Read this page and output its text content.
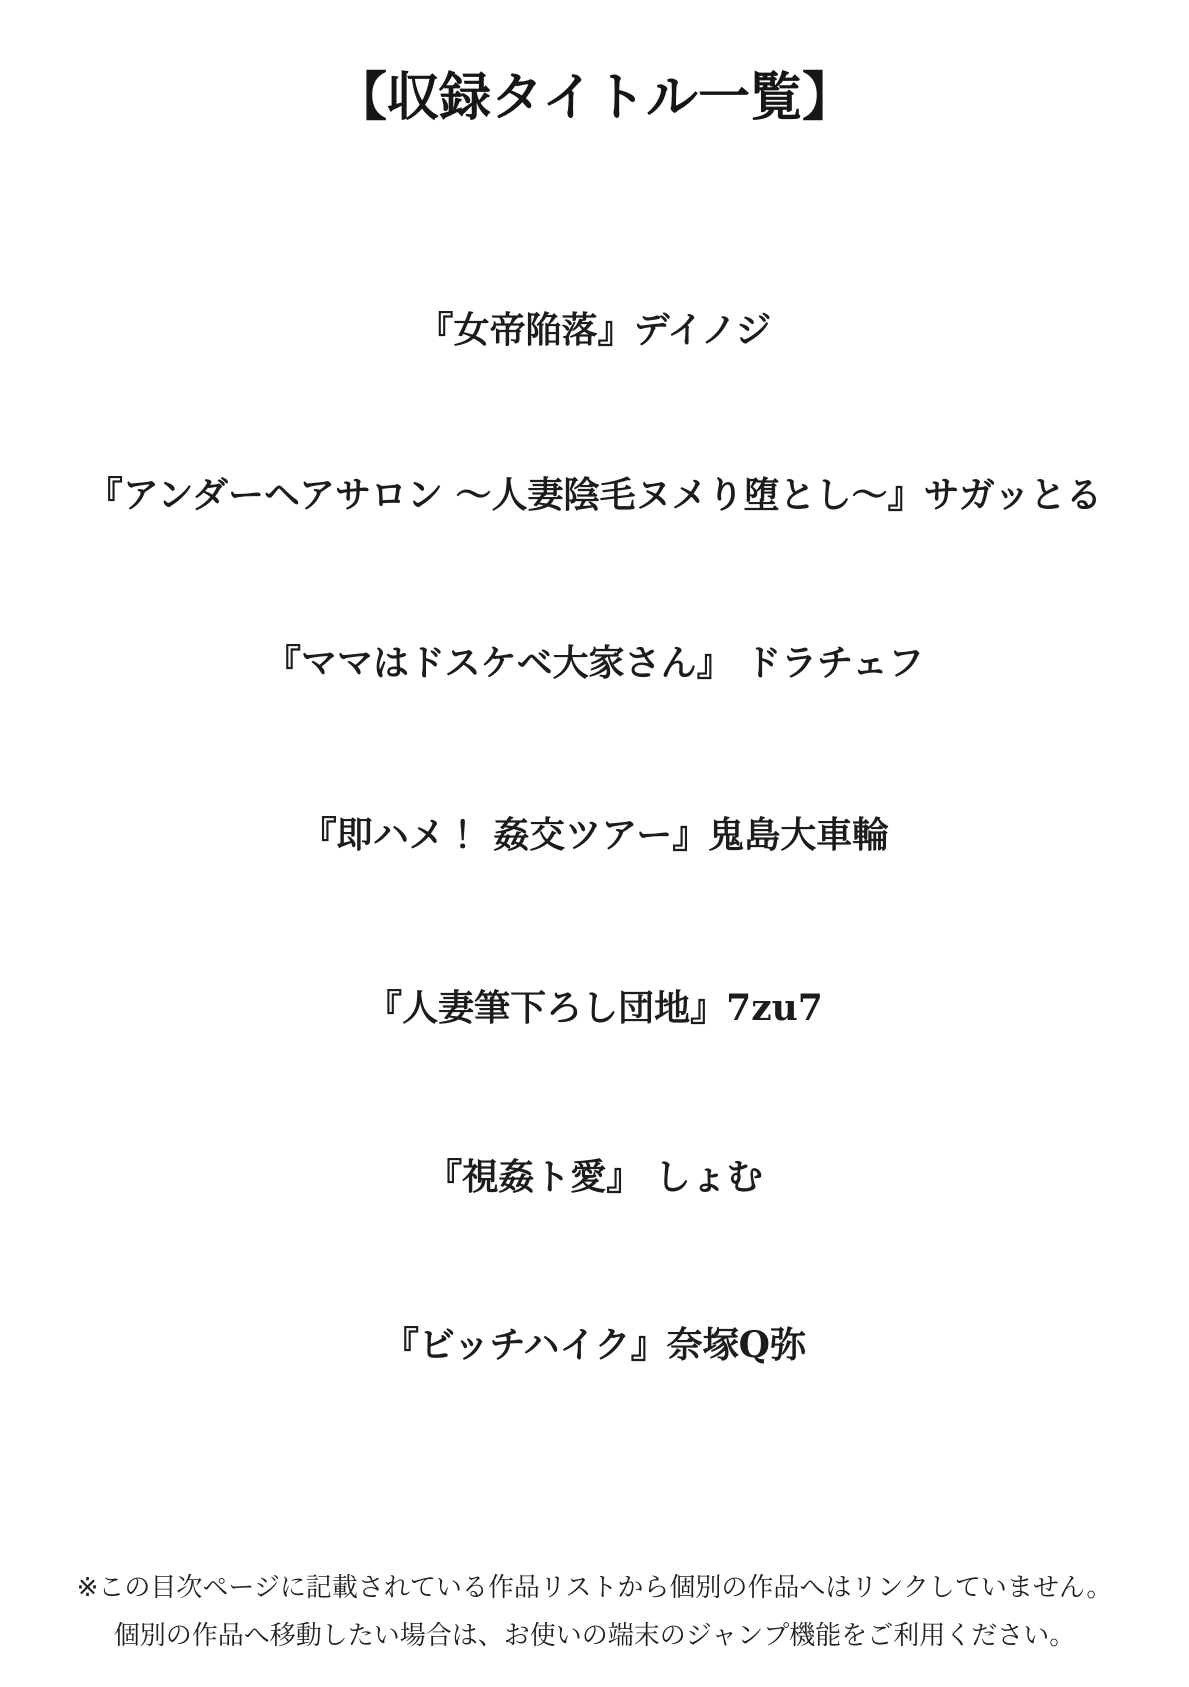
【収録タイトル一覧】
『女帝陥落』デイノジ
『アンダーヘアサロン ～人妻陰毛ヌメり堕とし～』サガッとる
『ママはドスケベ大家さん』 ドラチェフ
『即ハメ！ 姦交ツアー』鬼島大車輪
『人妻筆下ろし団地』7zu7
『視姦ト愛』 しょむ
『ビッチハイク』奈塚Q弥
※この目次ページに記載されている作品リストから個別の作品へはリンクしていません。
個別の作品へ移動したい場合は、お使いの端末のジャンプ機能をご利用ください。
